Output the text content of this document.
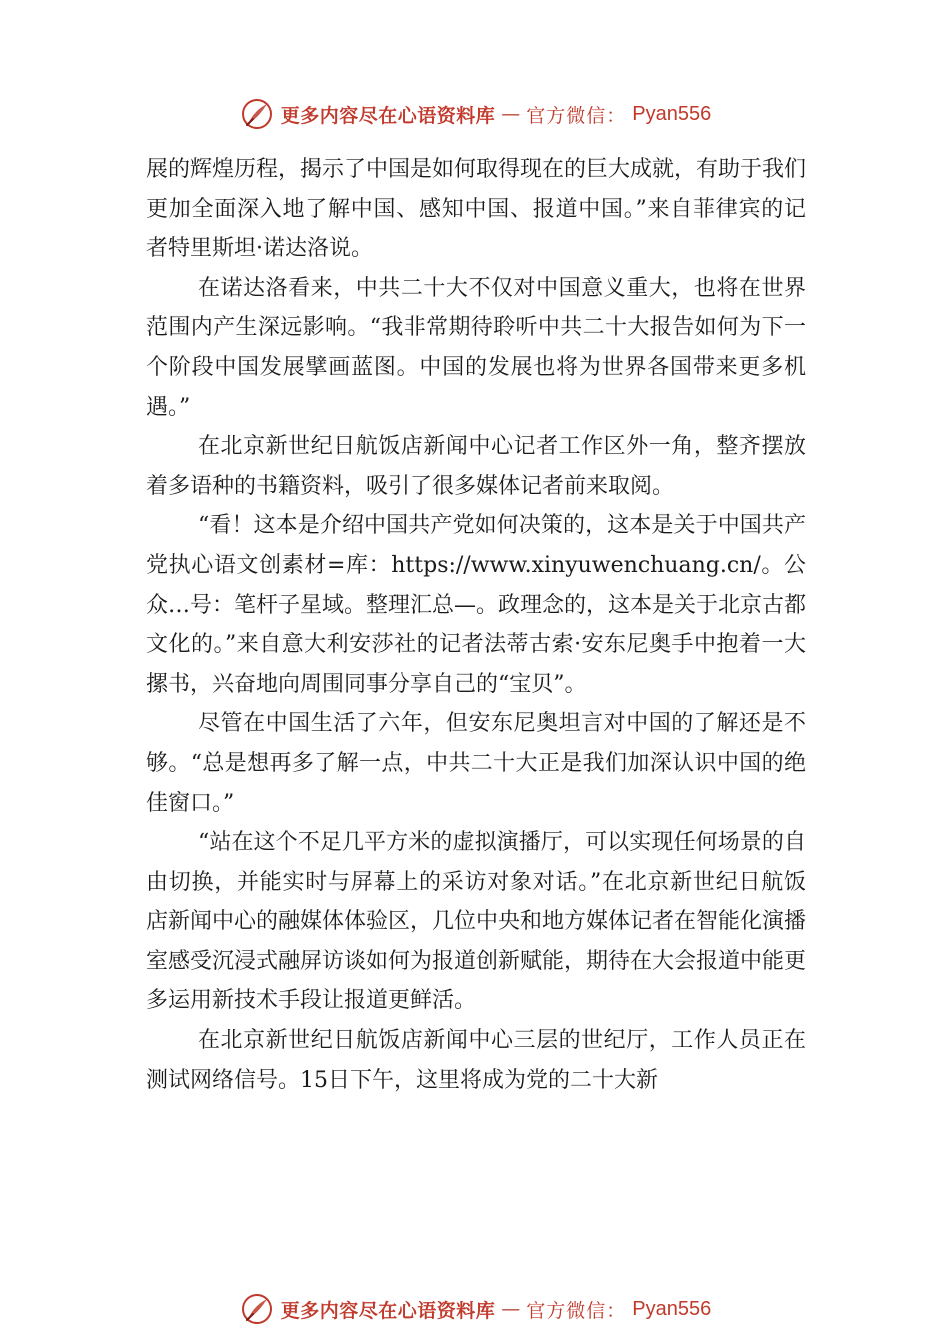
更多内容尽在心语资料库 — 官方微信： Pyan556

展的辉煌历程，揭示了中国是如何取得现在的巨大成就，有助于我们更加全面深入地了解中国、感知中国、报道中国。”来自菲律宾的记者特里斯坦·诺达洛说。

在诺达洛看来，中共二十大不仅对中国意义重大，也将在世界范围内产生深远影响。“我非常期待聆听中共二十大报告如何为下一个阶段中国发展擘画蓝图。中国的发展也将为世界各国带来更多机遇。”

在北京新世纪日航饭店新闻中心记者工作区外一角，整齐摆放着多语种的书籍资料，吸引了很多媒体记者前来取阅。

“看！这本是介绍中国共产党如何决策的，这本是关于中国共产党执心语文创素材=库：https://www.xinyuwenchuang.cn/。公众…号：笔杆子星域。整理汇总—。政理念的，这本是关于北京古都文化的。”来自意大利安莎社的记者法蒂古索·安东尼奥手中抱着一大摞书，兴奋地向周围同事分享自己的“宝贝”。

尽管在中国生活了六年，但安东尼奥坦言对中国的了解还是不够。“总是想再多了解一点，中共二十大正是我们加深认识中国的绝佳窗口。”

“站在这个不足几平方米的虚拟演播厅，可以实现任何场景的自由切换，并能实时与屏幕上的采访对象对话。”在北京新世纪日航饭店新闻中心的融媒体体验区，几位中央和地方媒体记者在智能化演播室感受沉浸式融屏访谈如何为报道创新赋能，期待在大会报道中能更多运用新技术手段让报道更鲜活。

在北京新世纪日航饭店新闻中心三层的世纪厅，工作人员正在测试网络信号。15日下午，这里将成为党的二十大新

更多内容尽在心语资料库 — 官方微信： Pyan556
